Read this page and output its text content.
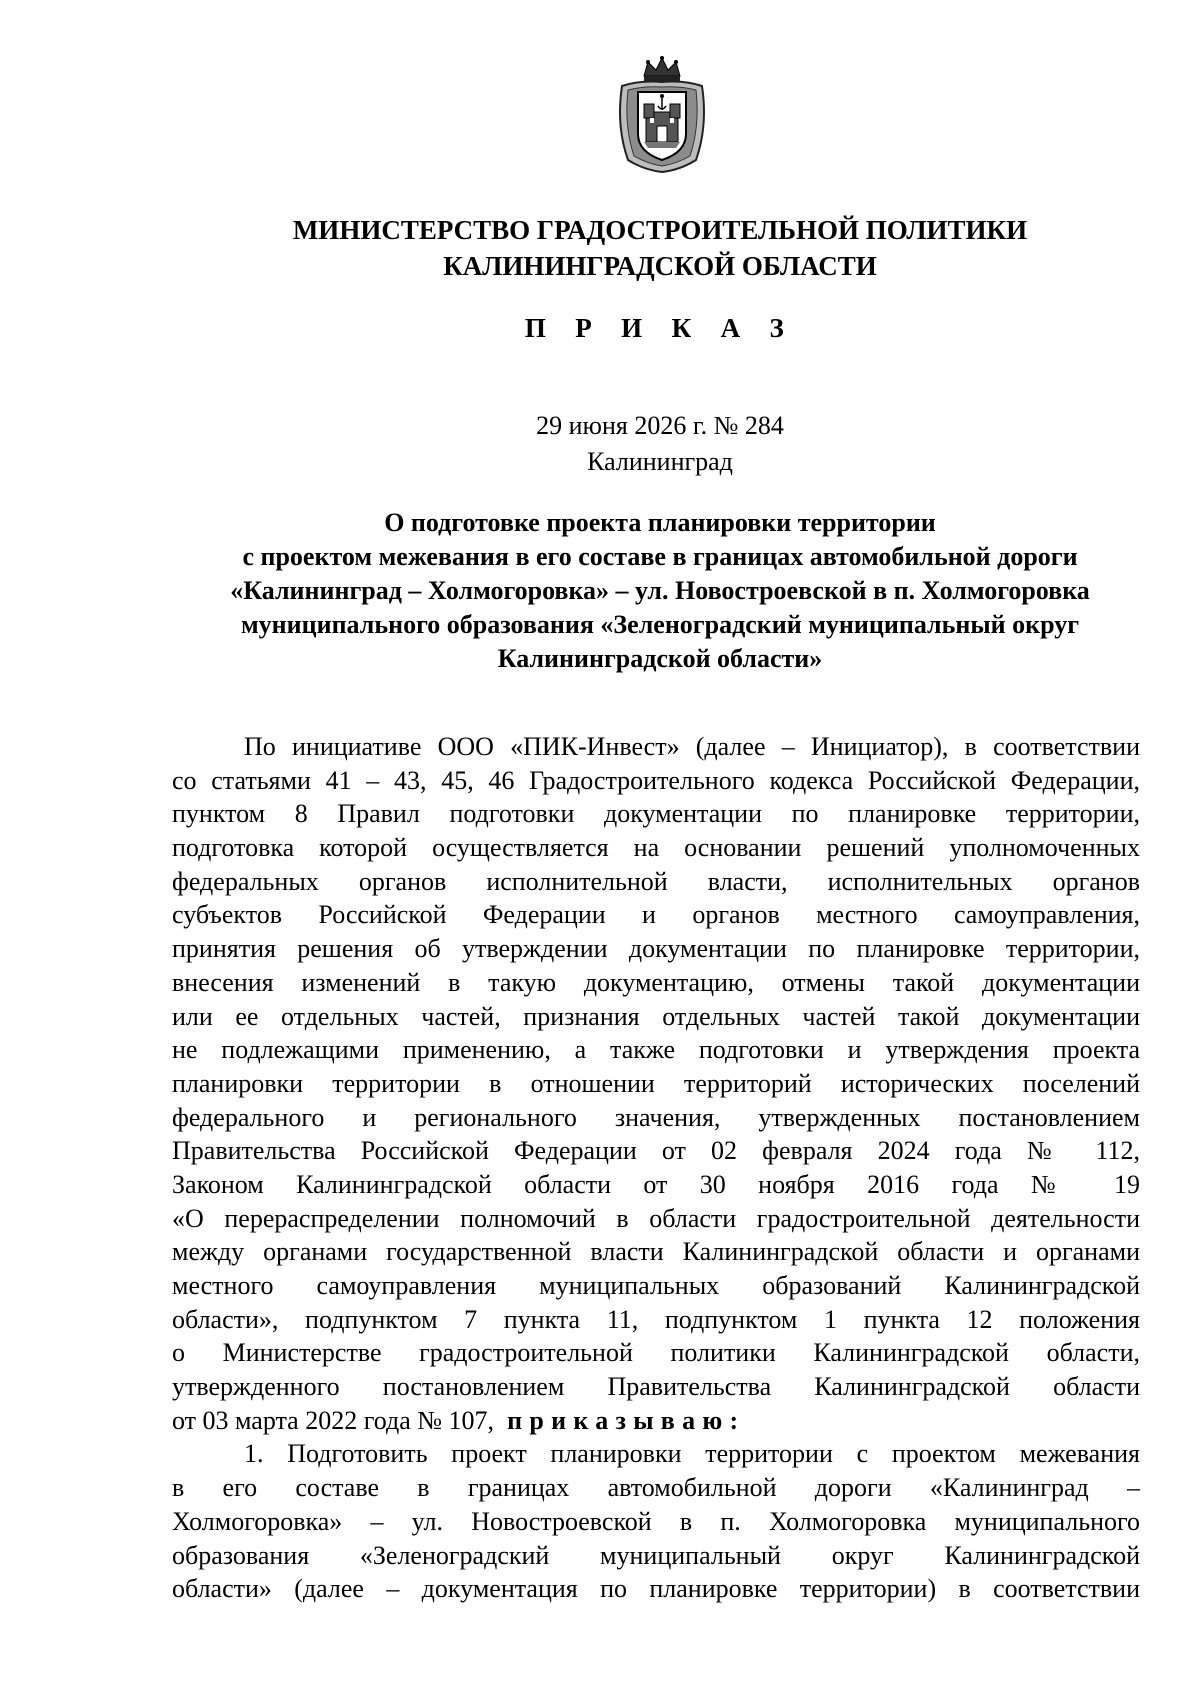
МИНИСТЕРСТВО ГРАДОСТРОИТЕЛЬНОЙ ПОЛИТИКИ
КАЛИНИНГРАДСКОЙ ОБЛАСТИ
П Р И К А З
29 июня 2026 г. № 284
Калининград
О подготовке проекта планировки территории
с проектом межевания в его составе в границах автомобильной дороги
«Калининград – Холмогоровка» – ул. Новостроевской в п. Холмогоровка
муниципального образования «Зеленоградский муниципальный округ
Калининградской области»
По инициативе ООО «ПИК-Инвест» (далее – Инициатор), в соответствии
со статьями 41 – 43, 45, 46 Градостроительного кодекса Российской Федерации,
пунктом 8 Правил подготовки документации по планировке территории,
подготовка которой осуществляется на основании решений уполномоченных
федеральных органов исполнительной власти, исполнительных органов
субъектов Российской Федерации и органов местного самоуправления,
принятия решения об утверждении документации по планировке территории,
внесения изменений в такую документацию, отмены такой документации
или ее отдельных частей, признания отдельных частей такой документации
не подлежащими применению, а также подготовки и утверждения проекта
планировки территории в отношении территорий исторических поселений
федерального и регионального значения, утвержденных постановлением
Правительства Российской Федерации от 02 февраля 2024 года № 112,
Законом Калининградской области от 30 ноября 2016 года № 19
«О перераспределении полномочий в области градостроительной деятельности
между органами государственной власти Калининградской области и органами
местного самоуправления муниципальных образований Калининградской
области», подпунктом 7 пункта 11, подпунктом 1 пункта 12 положения
о Министерстве градостроительной политики Калининградской области,
утвержденного постановлением Правительства Калининградской области
от 03 марта 2022 года № 107, приказываю:
1. Подготовить проект планировки территории с проектом межевания
в его составе в границах автомобильной дороги «Калининград –
Холмогоровка» – ул. Новостроевской в п. Холмогоровка муниципального
образования «Зеленоградский муниципальный округ Калининградской
области» (далее – документация по планировке территории) в соответствии
